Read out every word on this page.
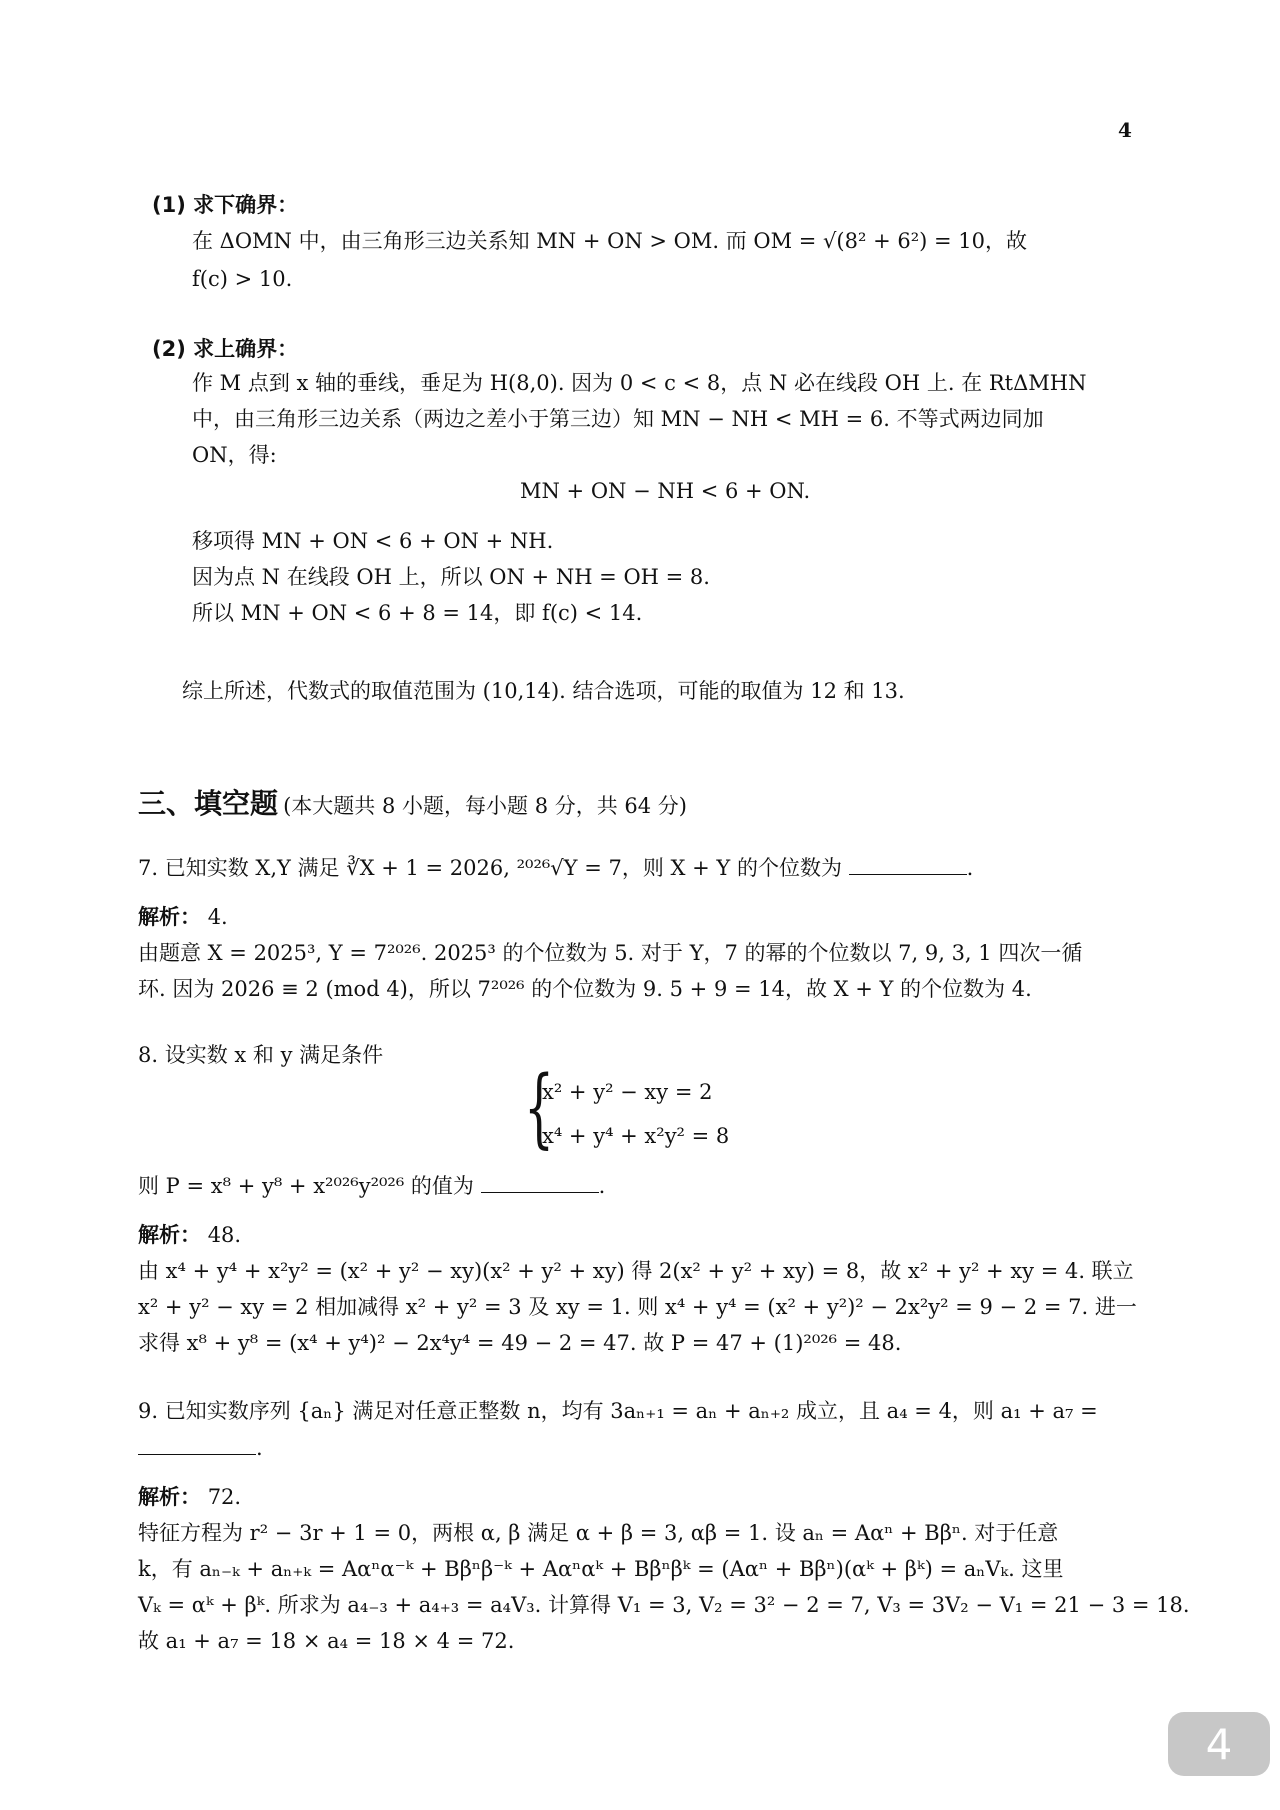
4
(1) 求下确界：
在 ΔOMN 中，由三角形三边关系知 MN + ON > OM. 而 OM = √(8² + 6²) = 10，故
f(c) > 10.
(2) 求上确界：
作 M 点到 x 轴的垂线，垂足为 H(8,0). 因为 0 < c < 8，点 N 必在线段 OH 上. 在 RtΔMHN
中，由三角形三边关系（两边之差小于第三边）知 MN − NH < MH = 6. 不等式两边同加
ON，得:
MN + ON − NH < 6 + ON.
移项得 MN + ON < 6 + ON + NH.
因为点 N 在线段 OH 上，所以 ON + NH = OH = 8.
所以 MN + ON < 6 + 8 = 14，即 f(c) < 14.
综上所述，代数式的取值范围为 (10,14). 结合选项，可能的取值为 12 和 13.
三、填空题 (本大题共 8 小题，每小题 8 分，共 64 分)
7. 已知实数 X,Y 满足 ∛X + 1 = 2026, ²⁰²⁶√Y = 7，则 X + Y 的个位数为	.
解析： 4.
由题意 X = 2025³, Y = 7²⁰²⁶. 2025³ 的个位数为 5. 对于 Y，7 的幂的个位数以 7, 9, 3, 1 四次一循
环. 因为 2026 ≡ 2 (mod 4)，所以 7²⁰²⁶ 的个位数为 9. 5 + 9 = 14，故 X + Y 的个位数为 4.
8. 设实数 x 和 y 满足条件
{
x² + y² − xy = 2
x⁴ + y⁴ + x²y² = 8
则 P = x⁸ + y⁸ + x²⁰²⁶y²⁰²⁶ 的值为	.
解析： 48.
由 x⁴ + y⁴ + x²y² = (x² + y² − xy)(x² + y² + xy) 得 2(x² + y² + xy) = 8，故 x² + y² + xy = 4. 联立
x² + y² − xy = 2 相加减得 x² + y² = 3 及 xy = 1. 则 x⁴ + y⁴ = (x² + y²)² − 2x²y² = 9 − 2 = 7. 进一
求得 x⁸ + y⁸ = (x⁴ + y⁴)² − 2x⁴y⁴ = 49 − 2 = 47. 故 P = 47 + (1)²⁰²⁶ = 48.
9. 已知实数序列 {aₙ} 满足对任意正整数 n，均有 3aₙ₊₁ = aₙ + aₙ₊₂ 成立，且 a₄ = 4，则 a₁ + a₇ =
.
解析： 72.
特征方程为 r² − 3r + 1 = 0，两根 α, β 满足 α + β = 3, αβ = 1. 设 aₙ = Aαⁿ + Bβⁿ. 对于任意
k，有 aₙ₋ₖ + aₙ₊ₖ = Aαⁿα⁻ᵏ + Bβⁿβ⁻ᵏ + Aαⁿαᵏ + Bβⁿβᵏ = (Aαⁿ + Bβⁿ)(αᵏ + βᵏ) = aₙVₖ. 这里
Vₖ = αᵏ + βᵏ. 所求为 a₄₋₃ + a₄₊₃ = a₄V₃. 计算得 V₁ = 3, V₂ = 3² − 2 = 7, V₃ = 3V₂ − V₁ = 21 − 3 = 18.
故 a₁ + a₇ = 18 × a₄ = 18 × 4 = 72.
4
